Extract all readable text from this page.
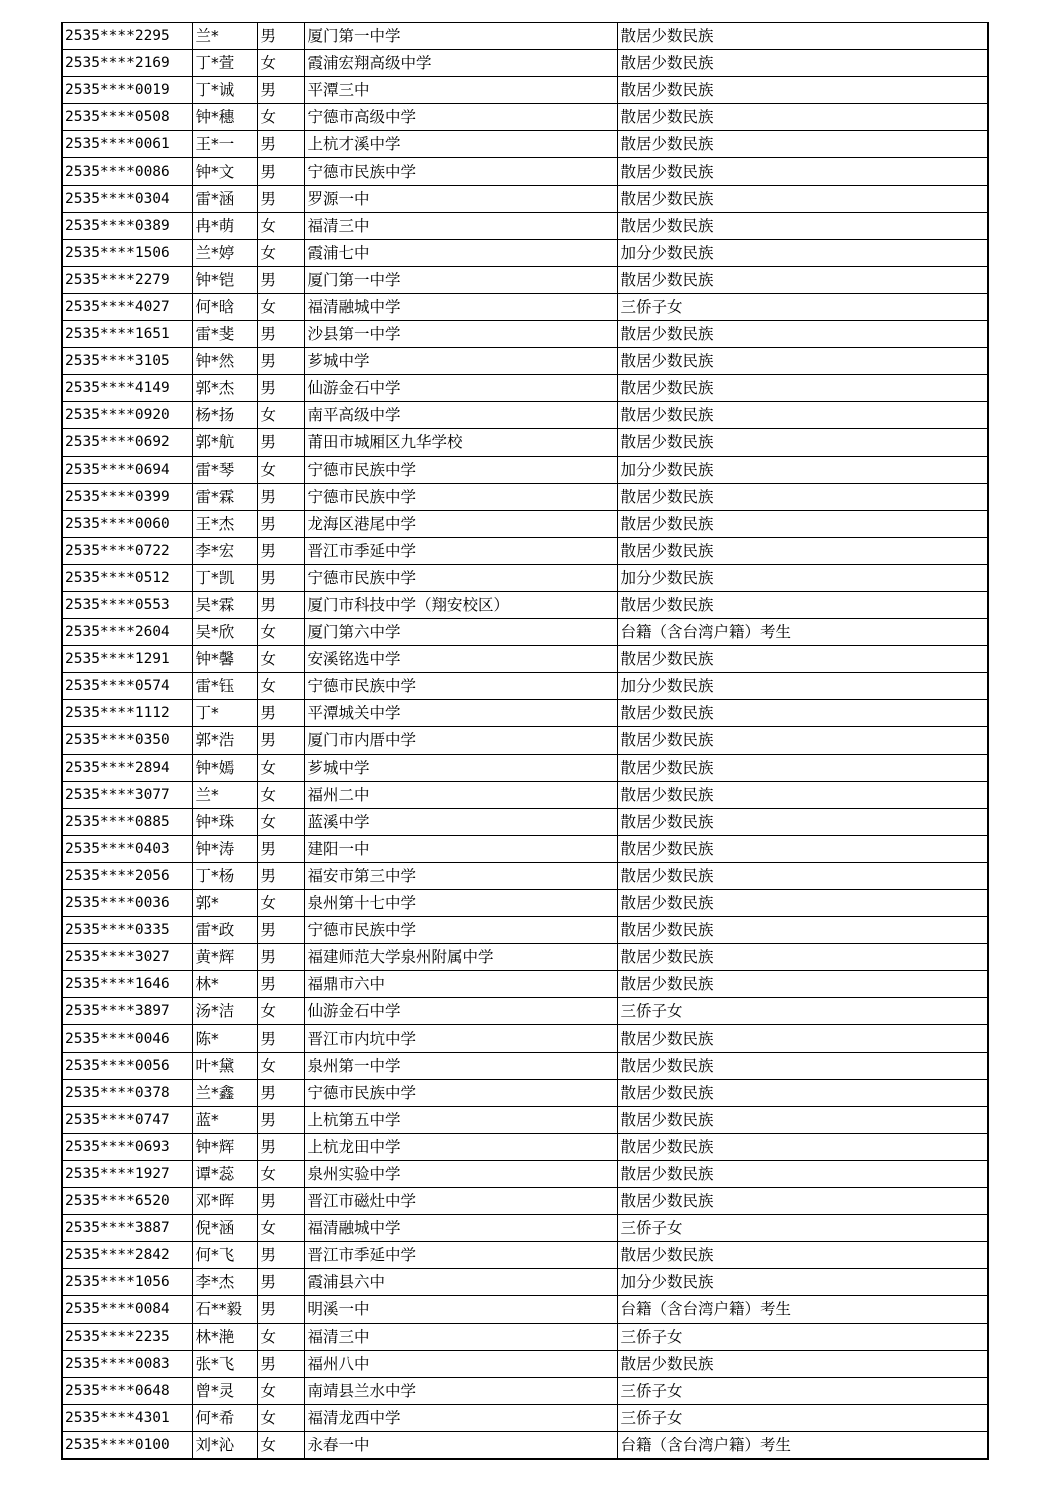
2535****2295	兰*	男	厦门第一中学	散居少数民族
2535****2169	丁*萱	女	霞浦宏翔高级中学	散居少数民族
2535****0019	丁*诚	男	平潭三中	散居少数民族
2535****0508	钟*穗	女	宁德市高级中学	散居少数民族
2535****0061	王*一	男	上杭才溪中学	散居少数民族
2535****0086	钟*文	男	宁德市民族中学	散居少数民族
2535****0304	雷*涵	男	罗源一中	散居少数民族
2535****0389	冉*萌	女	福清三中	散居少数民族
2535****1506	兰*婷	女	霞浦七中	加分少数民族
2535****2279	钟*铠	男	厦门第一中学	散居少数民族
2535****4027	何*晗	女	福清融城中学	三侨子女
2535****1651	雷*斐	男	沙县第一中学	散居少数民族
2535****3105	钟*然	男	芗城中学	散居少数民族
2535****4149	郭*杰	男	仙游金石中学	散居少数民族
2535****0920	杨*扬	女	南平高级中学	散居少数民族
2535****0692	郭*航	男	莆田市城厢区九华学校	散居少数民族
2535****0694	雷*琴	女	宁德市民族中学	加分少数民族
2535****0399	雷*霖	男	宁德市民族中学	散居少数民族
2535****0060	王*杰	男	龙海区港尾中学	散居少数民族
2535****0722	李*宏	男	晋江市季延中学	散居少数民族
2535****0512	丁*凯	男	宁德市民族中学	加分少数民族
2535****0553	吴*霖	男	厦门市科技中学（翔安校区）	散居少数民族
2535****2604	吴*欣	女	厦门第六中学	台籍（含台湾户籍）考生
2535****1291	钟*馨	女	安溪铭选中学	散居少数民族
2535****0574	雷*钰	女	宁德市民族中学	加分少数民族
2535****1112	丁*	男	平潭城关中学	散居少数民族
2535****0350	郭*浩	男	厦门市内厝中学	散居少数民族
2535****2894	钟*嫣	女	芗城中学	散居少数民族
2535****3077	兰*	女	福州二中	散居少数民族
2535****0885	钟*珠	女	蓝溪中学	散居少数民族
2535****0403	钟*涛	男	建阳一中	散居少数民族
2535****2056	丁*杨	男	福安市第三中学	散居少数民族
2535****0036	郭*	女	泉州第十七中学	散居少数民族
2535****0335	雷*政	男	宁德市民族中学	散居少数民族
2535****3027	黄*辉	男	福建师范大学泉州附属中学	散居少数民族
2535****1646	林*	男	福鼎市六中	散居少数民族
2535****3897	汤*洁	女	仙游金石中学	三侨子女
2535****0046	陈*	男	晋江市内坑中学	散居少数民族
2535****0056	叶*黛	女	泉州第一中学	散居少数民族
2535****0378	兰*鑫	男	宁德市民族中学	散居少数民族
2535****0747	蓝*	男	上杭第五中学	散居少数民族
2535****0693	钟*辉	男	上杭龙田中学	散居少数民族
2535****1927	谭*蕊	女	泉州实验中学	散居少数民族
2535****6520	邓*晖	男	晋江市磁灶中学	散居少数民族
2535****3887	倪*涵	女	福清融城中学	三侨子女
2535****2842	何*飞	男	晋江市季延中学	散居少数民族
2535****1056	李*杰	男	霞浦县六中	加分少数民族
2535****0084	石**毅	男	明溪一中	台籍（含台湾户籍）考生
2535****2235	林*滟	女	福清三中	三侨子女
2535****0083	张*飞	男	福州八中	散居少数民族
2535****0648	曾*灵	女	南靖县兰水中学	三侨子女
2535****4301	何*希	女	福清龙西中学	三侨子女
2535****0100	刘*沁	女	永春一中	台籍（含台湾户籍）考生
